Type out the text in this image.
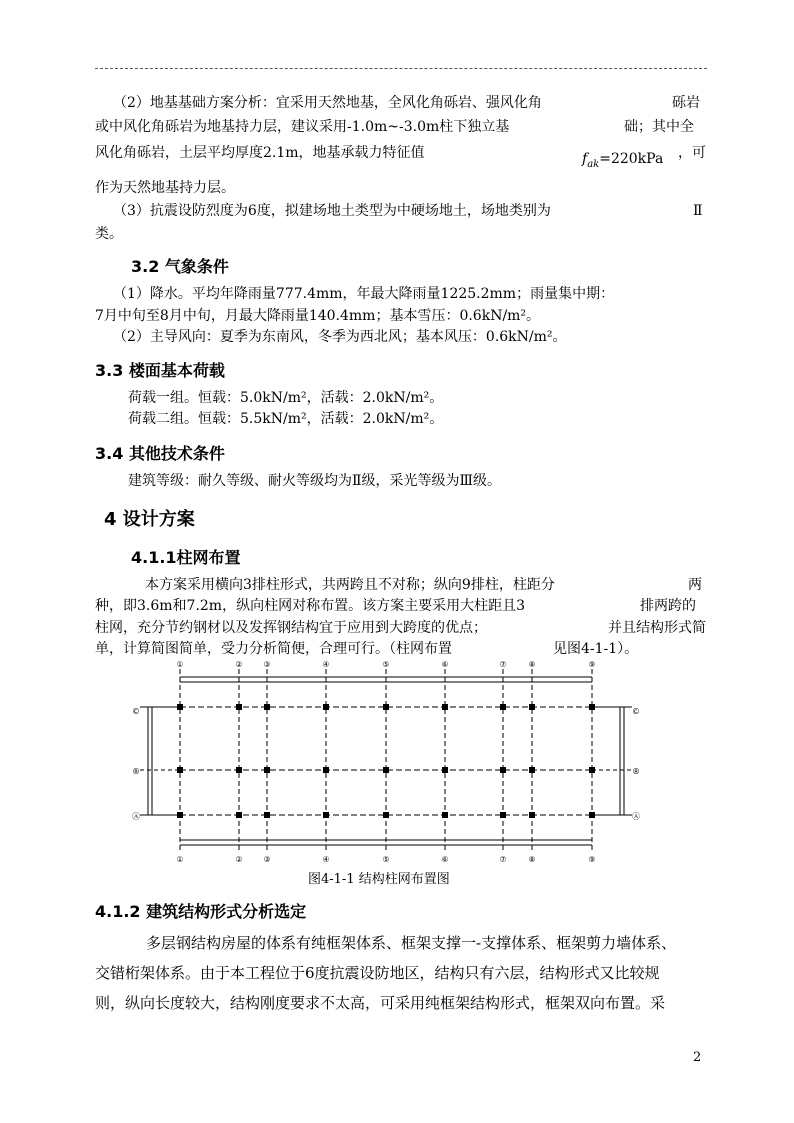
（2）地基基础方案分析：宜采用天然地基，全风化角砾岩、强风化角	砾岩
或中风化角砾岩为地基持力层，建议采用-1.0m~-3.0m柱下独立基	础；其中全
风化角砾岩，土层平均厚度2.1m，地基承载力特征值	$f_{ak}=220kPa$ ，可
作为天然地基持力层。
（3）抗震设防烈度为6度，拟建场地土类型为中硬场地土，场地类别为	Ⅱ
类。
3.2 气象条件
（1）降水。平均年降雨量777.4mm，年最大降雨量1225.2mm；雨量集中期：
7月中旬至8月中旬，月最大降雨量140.4mm；基本雪压：0.6kN/m²。
（2）主导风向：夏季为东南风，冬季为西北风；基本风压：0.6kN/m²。
3.3 楼面基本荷载
荷载一组。恒载：5.0kN/m²，活载：2.0kN/m²。
荷载二组。恒载：5.5kN/m²，活载：2.0kN/m²。
3.4 其他技术条件
建筑等级：耐久等级、耐火等级均为Ⅱ级，采光等级为Ⅲ级。
4 设计方案
4.1.1柱网布置
本方案采用横向3排柱形式，共两跨且不对称；纵向9排柱，柱距分	两
种，即3.6m和7.2m，纵向柱网对称布置。该方案主要采用大柱距且3	排两跨的
柱网，充分节约钢材以及发挥钢结构宜于应用到大跨度的优点；	并且结构形式简
单，计算简图简单，受力分析简便，合理可行。（柱网布置	见图4-1-1）。
①	②	③	④	⑤	⑥	⑦	⑧	⑨
①	②	③	④	⑤	⑥	⑦	⑧	⑨
©
®
Ⓐ
©
®
Ⓐ
图4-1-1 结构柱网布置图
4.1.2 建筑结构形式分析选定
多层钢结构房屋的体系有纯框架体系、框架支撑一-支撑体系、框架剪力墙体系、
交错桁架体系。由于本工程位于6度抗震设防地区，结构只有六层，结构形式又比较规
则，纵向长度较大，结构刚度要求不太高，可采用纯框架结构形式，框架双向布置。采
2
